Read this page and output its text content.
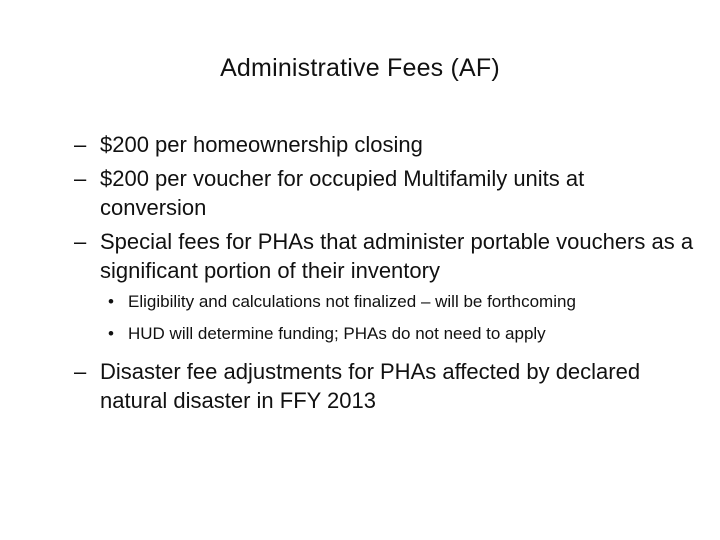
Administrative Fees (AF)
– $200 per homeownership closing
– $200 per voucher for occupied Multifamily units at conversion
– Special fees for PHAs that administer portable vouchers as a significant portion of their inventory
• Eligibility and calculations not finalized – will be forthcoming
• HUD will determine funding; PHAs do not need to apply
– Disaster fee adjustments for PHAs affected by declared natural disaster in FFY 2013
